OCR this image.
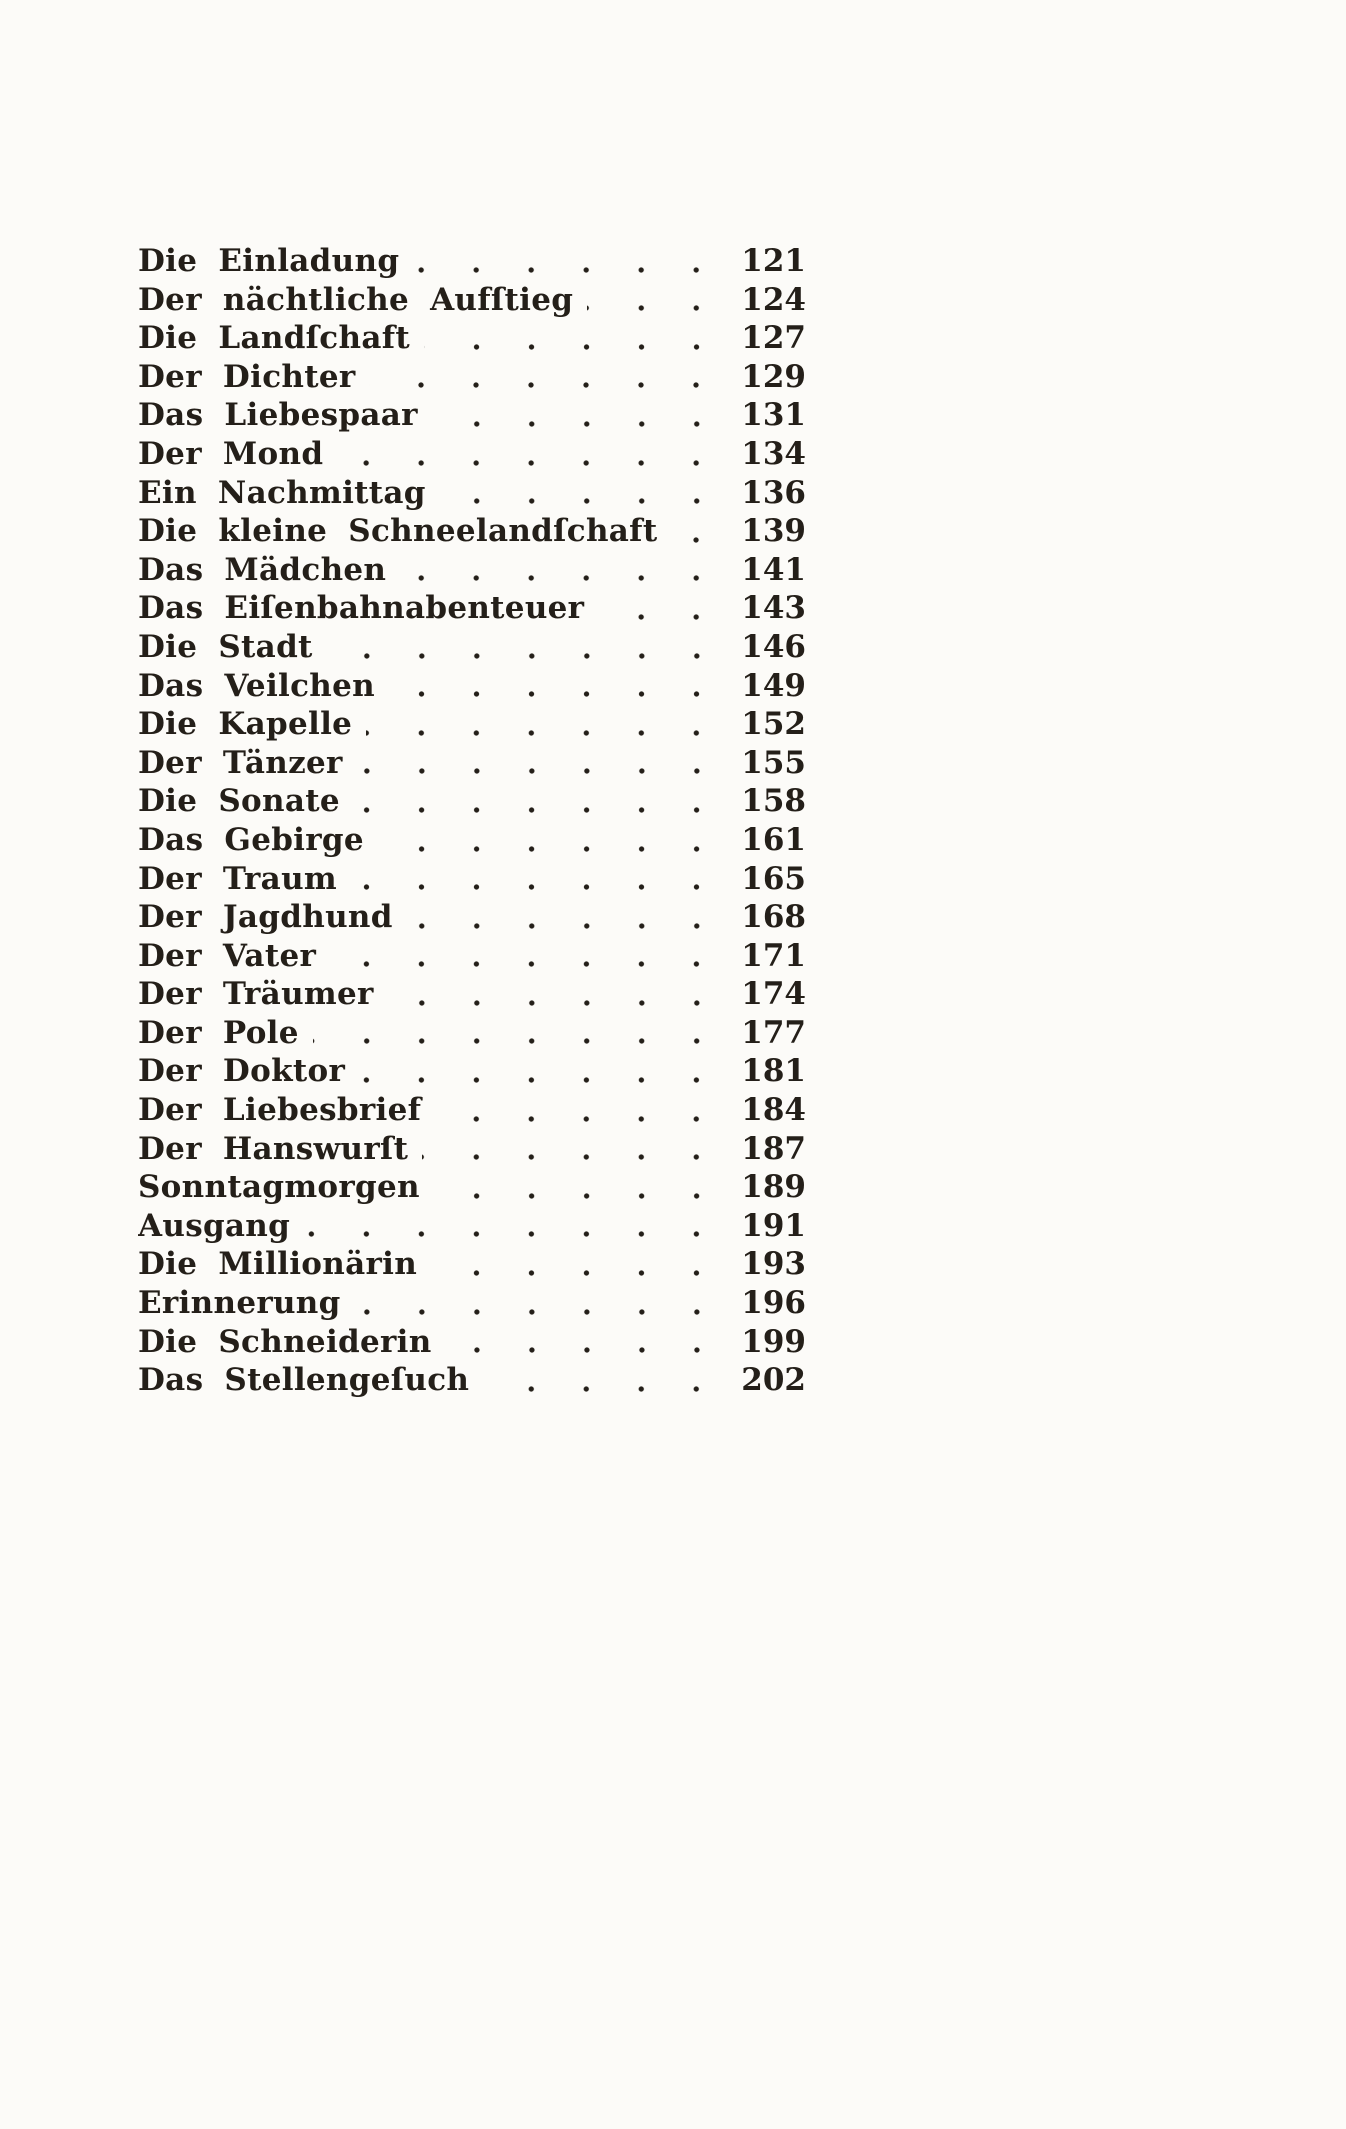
Die Einladung	121
Der nächtliche Aufſtieg	124
Die Landſchaft	127
Der Dichter	129
Das Liebespaar	131
Der Mond	134
Ein Nachmittag	136
Die kleine Schneelandſchaft	139
Das Mädchen	141
Das Eiſenbahnabenteuer	143
Die Stadt	146
Das Veilchen	149
Die Kapelle	152
Der Tänzer	155
Die Sonate	158
Das Gebirge	161
Der Traum	165
Der Jagdhund	168
Der Vater	171
Der Träumer	174
Der Pole	177
Der Doktor	181
Der Liebesbrief	184
Der Hanswurſt	187
Sonntagmorgen	189
Ausgang	191
Die Millionärin	193
Erinnerung	196
Die Schneiderin	199
Das Stellengeſuch	202
